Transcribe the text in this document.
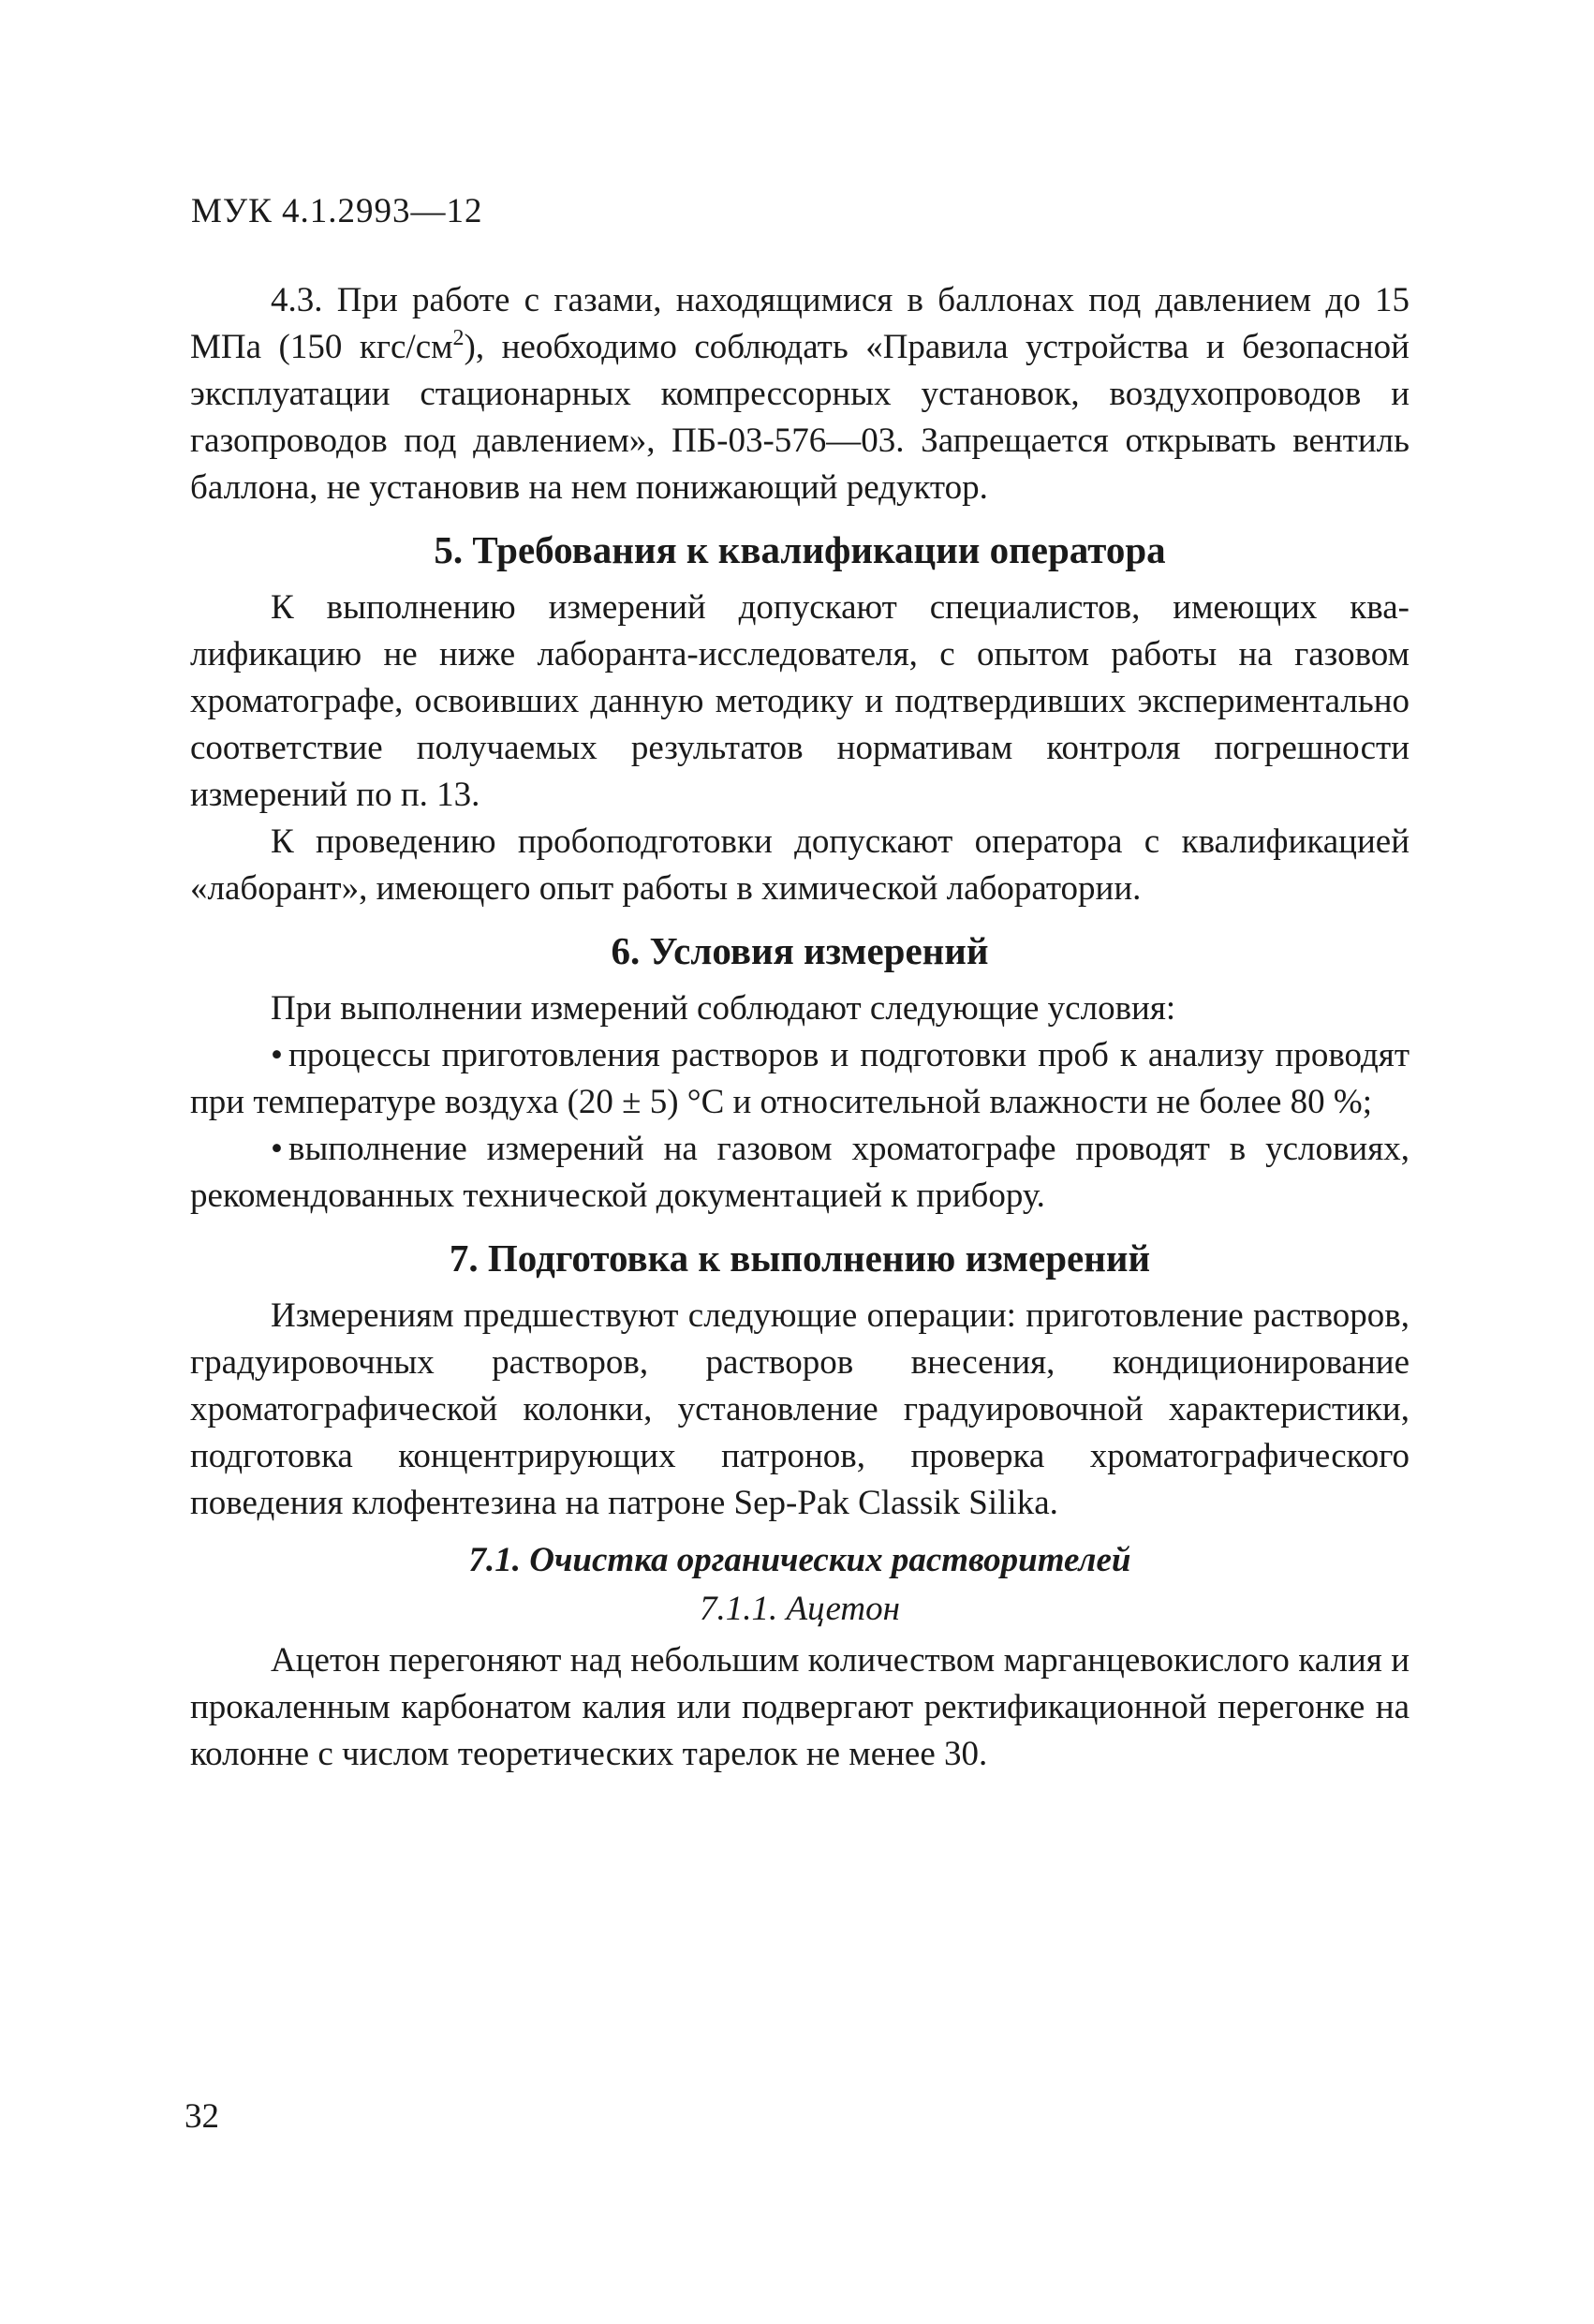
МУК 4.1.2993—12

4.3. При работе с газами, находящимися в баллонах под давлением до 15 МПа (150 кгс/$см^2$), необходимо соблюдать «Правила устройства и безопасной эксплуатации стационарных компрессорных установок, воздухопроводов и газопроводов под давлением», ПБ-03-576—03. Запрещается открывать вентиль баллона, не установив на нем понижающий редуктор.

5. Требования к квалификации оператора

К выполнению измерений допускают специалистов, имеющих квалификацию не ниже лаборанта-исследователя, с опытом работы на газовом хроматографе, освоивших данную методику и подтвердивших экспериментально соответствие получаемых результатов нормативам контроля погрешности измерений по п. 13.

К проведению пробоподготовки допускают оператора с квалификацией «лаборант», имеющего опыт работы в химической лаборатории.

6. Условия измерений

При выполнении измерений соблюдают следующие условия:

• процессы приготовления растворов и подготовки проб к анализу проводят при температуре воздуха (20 ± 5) °С и относительной влажности не более 80 %;

• выполнение измерений на газовом хроматографе проводят в условиях, рекомендованных технической документацией к прибору.

7. Подготовка к выполнению измерений

Измерениям предшествуют следующие операции: приготовление растворов, градуировочных растворов, растворов внесения, кондиционирование хроматографической колонки, установление градуировочной характеристики, подготовка концентрирующих патронов, проверка хроматографического поведения клофентезина на патроне Sep-Pak Classik Silika.

7.1. Очистка органических растворителей
7.1.1. Ацетон

Ацетон перегоняют над небольшим количеством марганцевокислого калия и прокаленным карбонатом калия или подвергают ректификационной перегонке на колонне с числом теоретических тарелок не менее 30.

32
